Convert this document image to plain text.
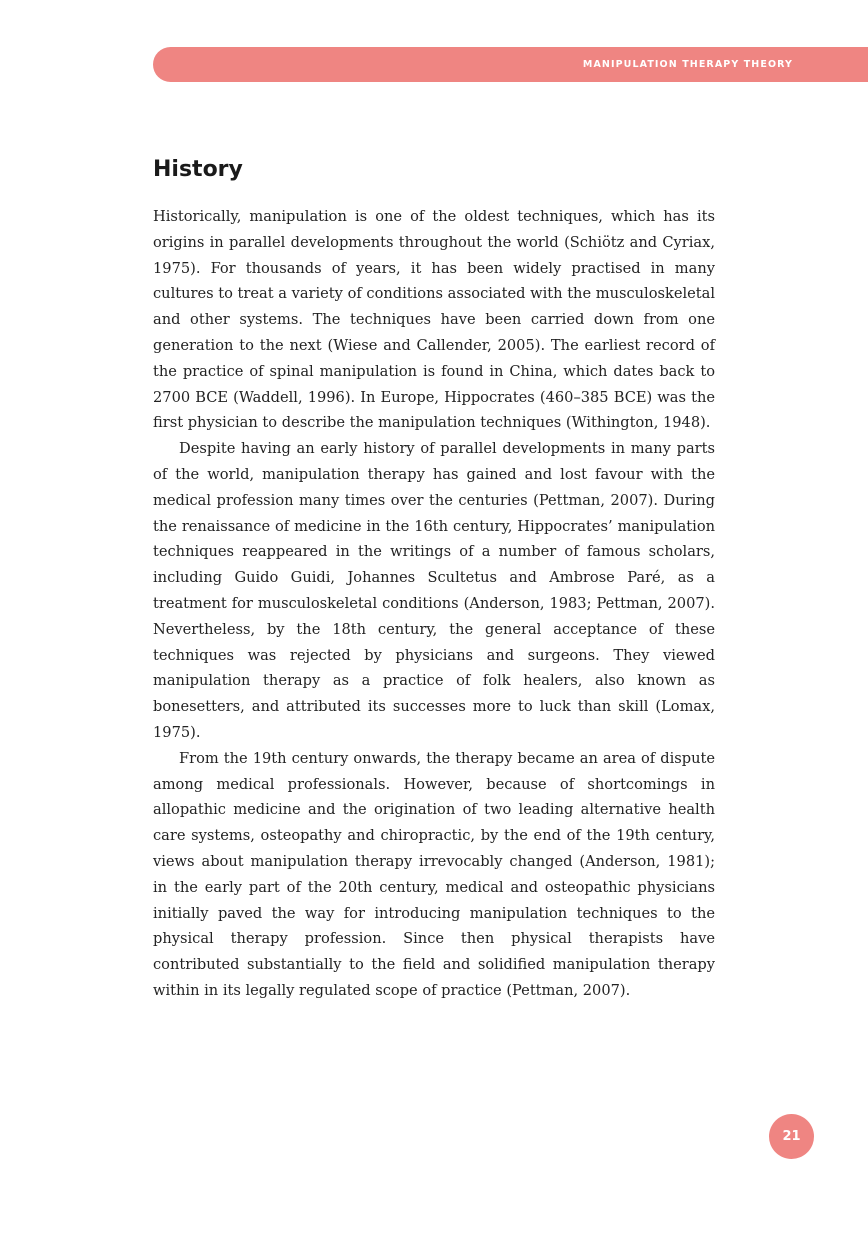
MANIPULATION THERAPY THEORY
History

Historically, manipulation is one of the oldest techniques, which has its origins in parallel developments throughout the world (Schiötz and Cyriax, 1975). For thousands of years, it has been widely practised in many cultures to treat a variety of conditions associated with the musculoskeletal and other systems. The techniques have been carried down from one generation to the next (Wiese and Callender, 2005). The earliest record of the practice of spinal manipulation is found in China, which dates back to 2700 BCE (Waddell, 1996). In Europe, Hippocrates (460–385 BCE) was the first physician to describe the manipulation techniques (Withington, 1948).

Despite having an early history of parallel developments in many parts of the world, manipulation therapy has gained and lost favour with the medical profession many times over the centuries (Pettman, 2007). During the renaissance of medicine in the 16th century, Hippocrates’ manipulation techniques reappeared in the writings of a number of famous scholars, including Guido Guidi, Johannes Scultetus and Ambrose Paré, as a treatment for musculoskeletal conditions (Anderson, 1983; Pettman, 2007). Nevertheless, by the 18th century, the general acceptance of these techniques was rejected by physicians and surgeons. They viewed manipulation therapy as a practice of folk healers, also known as bonesetters, and attributed its successes more to luck than skill (Lomax, 1975).

From the 19th century onwards, the therapy became an area of dispute among medical professionals. However, because of shortcomings in allopathic medicine and the origination of two leading alternative health care systems, osteopathy and chiropractic, by the end of the 19th century, views about manipulation therapy irrevocably changed (Anderson, 1981); in the early part of the 20th century, medical and osteopathic physicians initially paved the way for introducing manipulation techniques to the physical therapy profession. Since then physical therapists have contributed substantially to the field and solidified manipulation therapy within in its legally regulated scope of practice (Pettman, 2007).

21
